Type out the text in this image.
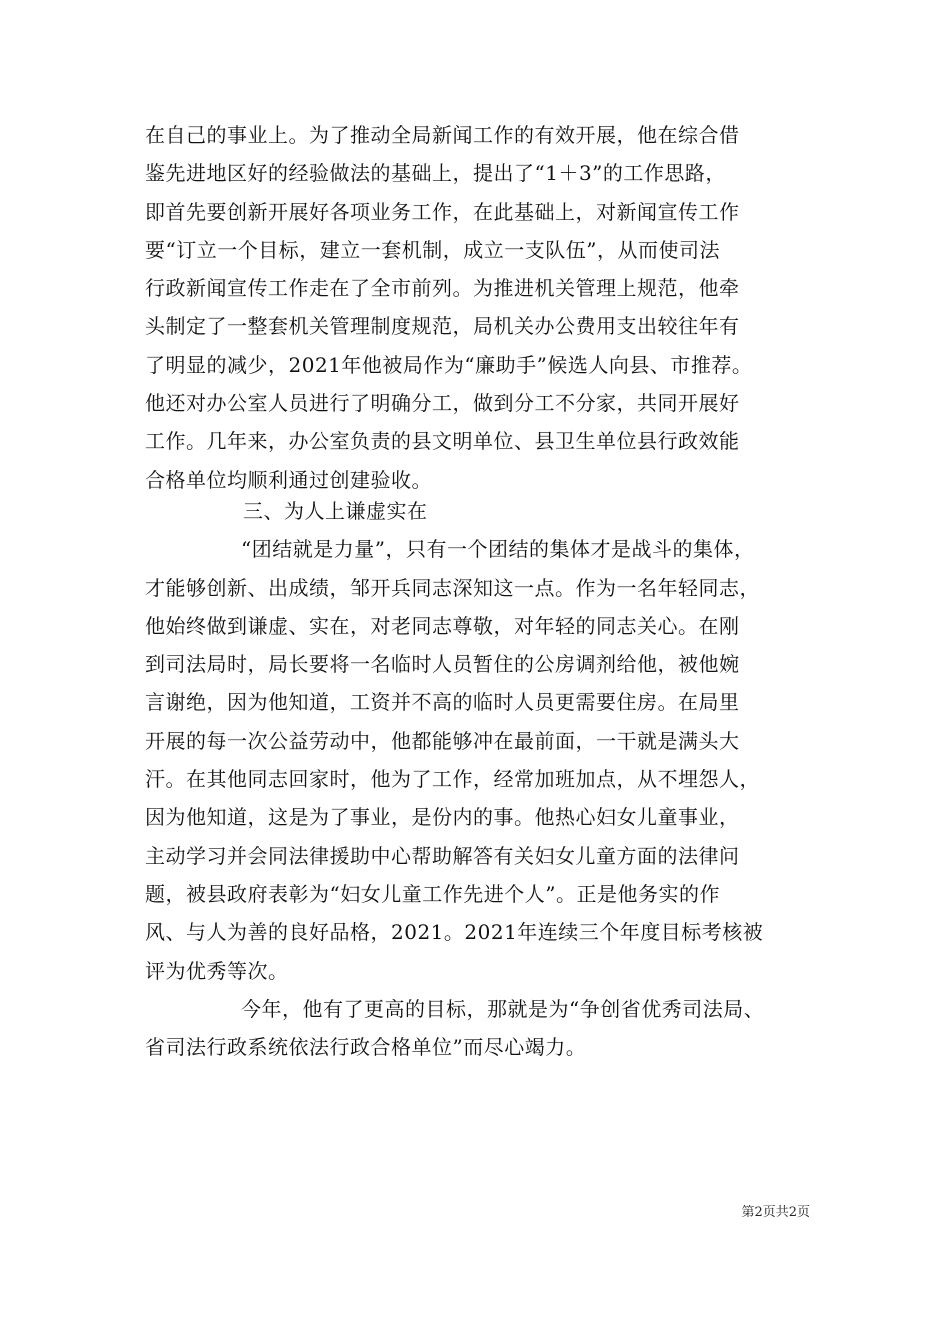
在自己的事业上。为了推动全局新闻工作的有效开展，他在综合借
鉴先进地区好的经验做法的基础上，提出了“1＋3”的工作思路，
即首先要创新开展好各项业务工作，在此基础上，对新闻宣传工作
要“订立一个目标，建立一套机制，成立一支队伍”，从而使司法
行政新闻宣传工作走在了全市前列。为推进机关管理上规范，他牵
头制定了一整套机关管理制度规范，局机关办公费用支出较往年有
了明显的减少，2021年他被局作为“廉助手”候选人向县、市推荐。
他还对办公室人员进行了明确分工，做到分工不分家，共同开展好
工作。几年来，办公室负责的县文明单位、县卫生单位县行政效能
合格单位均顺利通过创建验收。
三、为人上谦虚实在
“团结就是力量”，只有一个团结的集体才是战斗的集体，
才能够创新、出成绩，邹开兵同志深知这一点。作为一名年轻同志，
他始终做到谦虚、实在，对老同志尊敬，对年轻的同志关心。在刚
到司法局时，局长要将一名临时人员暂住的公房调剂给他，被他婉
言谢绝，因为他知道，工资并不高的临时人员更需要住房。在局里
开展的每一次公益劳动中，他都能够冲在最前面，一干就是满头大
汗。在其他同志回家时，他为了工作，经常加班加点，从不埋怨人，
因为他知道，这是为了事业，是份内的事。他热心妇女儿童事业，
主动学习并会同法律援助中心帮助解答有关妇女儿童方面的法律问
题，被县政府表彰为“妇女儿童工作先进个人”。正是他务实的作
风、与人为善的良好品格，2021。2021年连续三个年度目标考核被
评为优秀等次。
今年，他有了更高的目标，那就是为“争创省优秀司法局、
省司法行政系统依法行政合格单位”而尽心竭力。
第2页共2页
